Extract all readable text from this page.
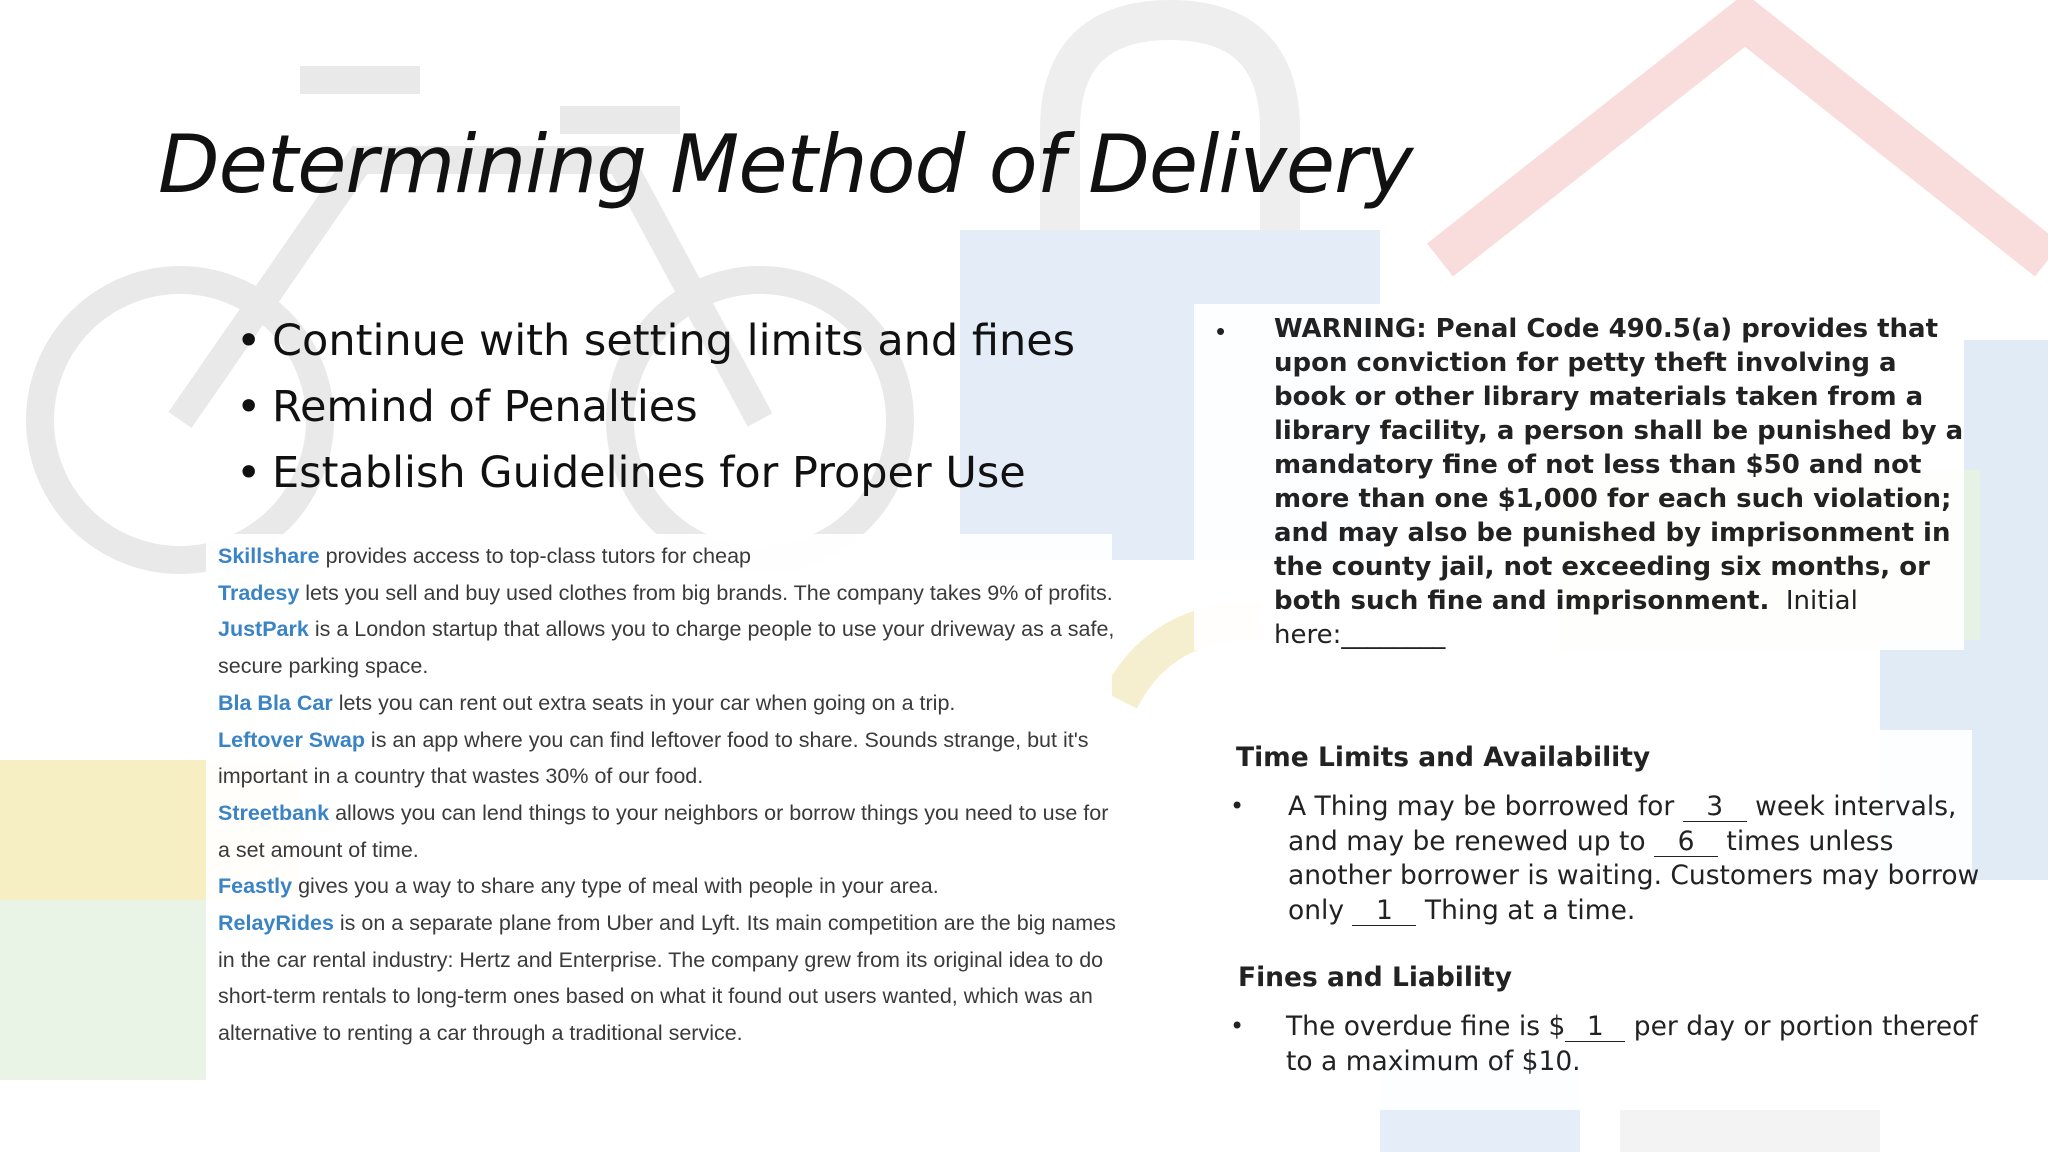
Determining Method of Delivery
• Continue with setting limits and fines
• Remind of Penalties
• Establish Guidelines for Proper Use

Skillshare provides access to top-class tutors for cheap

Tradesy lets you sell and buy used clothes from big brands. The company takes 9% of profits.

JustPark is a London startup that allows you to charge people to use your driveway as a safe, secure parking space.

Bla Bla Car lets you can rent out extra seats in your car when going on a trip.

Leftover Swap is an app where you can find leftover food to share. Sounds strange, but it's important in a country that wastes 30% of our food.

Streetbank allows you can lend things to your neighbors or borrow things you need to use for a set amount of time.

Feastly gives you a way to share any type of meal with people in your area.

RelayRides is on a separate plane from Uber and Lyft. Its main competition are the big names in the car rental industry: Hertz and Enterprise. The company grew from its original idea to do short-term rentals to long-term ones based on what it found out users wanted, which was an alternative to renting a car through a traditional service.

• WARNING: Penal Code 490.5(a) provides that upon conviction for petty theft involving a book or other library materials taken from a library facility, a person shall be punished by a mandatory fine of not less than $50 and not more than one $1,000 for each such violation; and may also be punished by imprisonment in the county jail, not exceeding six months, or both such fine and imprisonment. Initial here:________
Time Limits and Availability
• A Thing may be borrowed for 3 week intervals, and may be renewed up to 6 times unless another borrower is waiting. Customers may borrow only 1 Thing at a time.
Fines and Liability
• The overdue fine is $ 1 per day or portion thereof to a maximum of $10.
